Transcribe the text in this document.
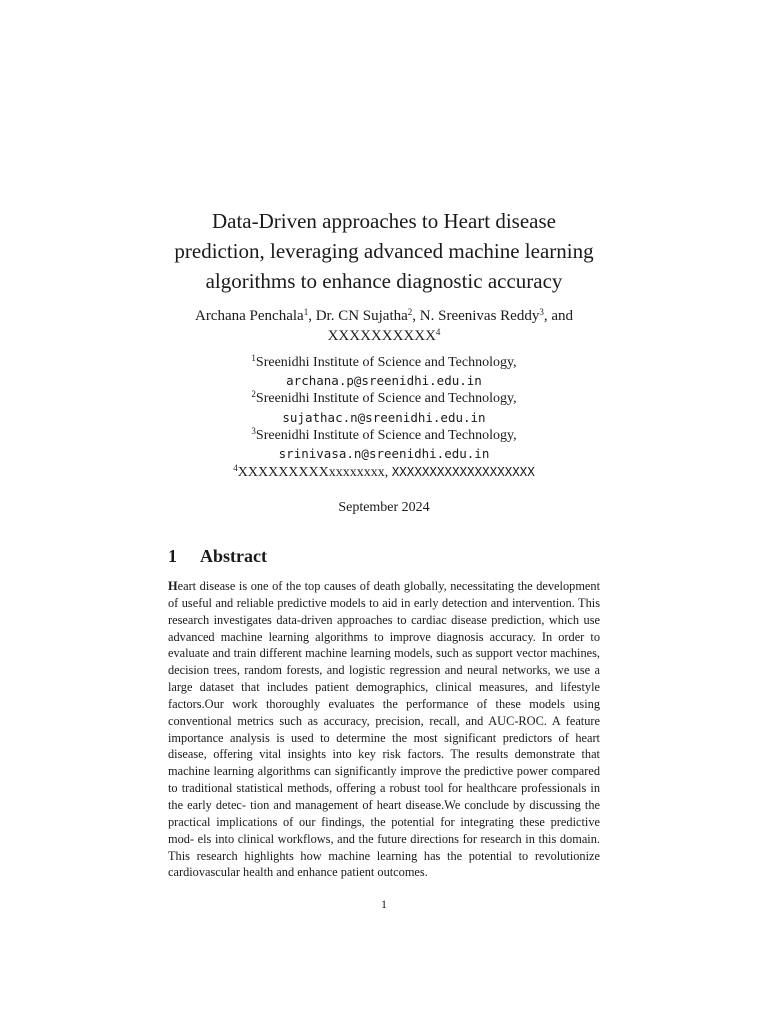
Data-Driven approaches to Heart disease
prediction, leveraging advanced machine learning
algorithms to enhance diagnostic accuracy
Archana Penchala$^1$, Dr. CN Sujatha$^2$, N. Sreenivas Reddy$^3$, and
XXXXXXXXXX$^4$
$^1$Sreenidhi Institute of Science and Technology,
archana.p@sreenidhi.edu.in
$^2$Sreenidhi Institute of Science and Technology,
sujathac.n@sreenidhi.edu.in
$^3$Sreenidhi Institute of Science and Technology,
srinivasa.n@sreenidhi.edu.in
$^4$XXXXXXXXXxxxxxxxx, XXXXXXXXXXXXXXXXXXX
September 2024
1 Abstract

Heart disease is one of the top causes of death globally, necessitating the development of useful and reliable predictive models to aid in early detection and intervention. This research investigates data-driven approaches to cardiac disease prediction, which use advanced machine learning algorithms to improve diagnosis accuracy. In order to evaluate and train different machine learning models, such as support vector machines, decision trees, random forests, and logistic regression and neural networks, we use a large dataset that includes patient demographics, clinical measures, and lifestyle factors.Our work thoroughly evaluates the performance of these models using conventional metrics such as accuracy, precision, recall, and AUC-ROC. A feature importance analysis is used to determine the most significant predictors of heart disease, offering vital insights into key risk factors. The results demonstrate that machine learning algorithms can significantly improve the predictive power compared to traditional statistical methods, offering a robust tool for healthcare professionals in the early detec- tion and management of heart disease.We conclude by discussing the practical implications of our findings, the potential for integrating these predictive mod- els into clinical workflows, and the future directions for research in this domain. This research highlights how machine learning has the potential to revolutionize cardiovascular health and enhance patient outcomes.

1
